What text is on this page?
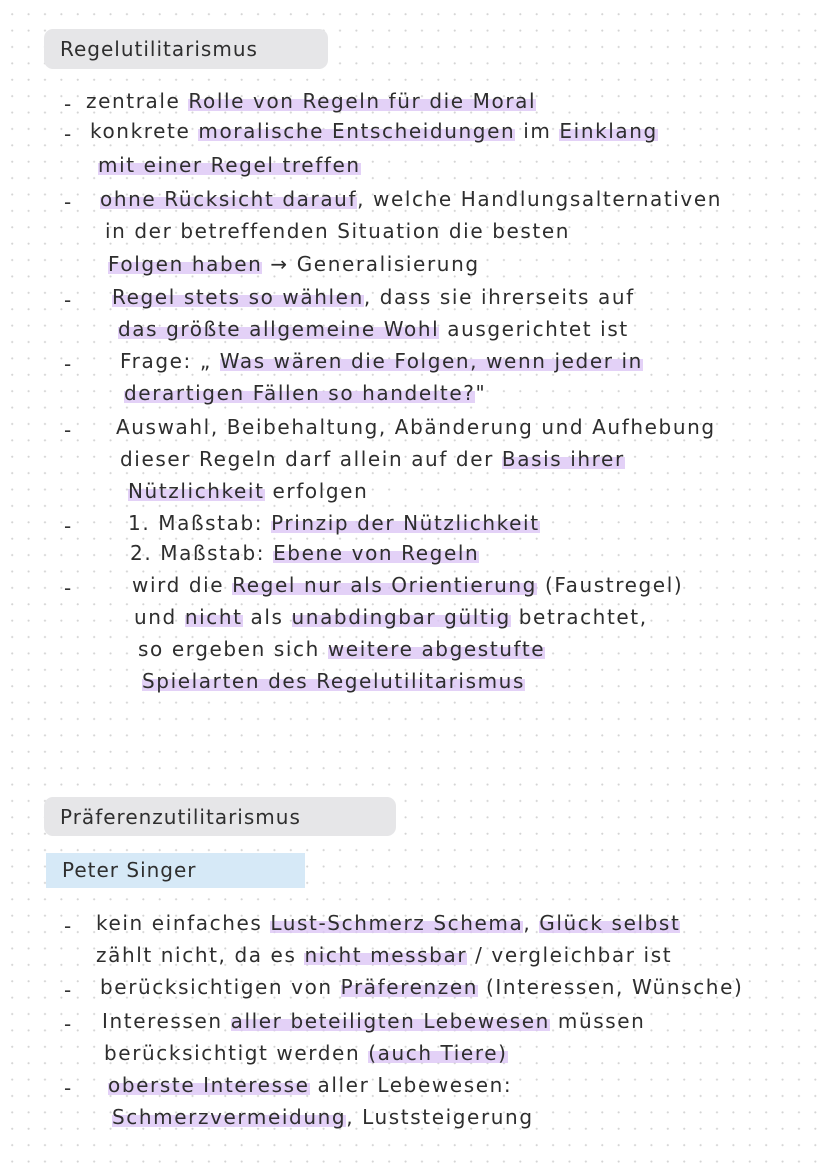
Regelutilitarismus
- zentrale Rolle von Regeln für die Moral
- konkrete moralische Entscheidungen im Einklang
mit einer Regel treffen
- ohne Rücksicht darauf, welche Handlungsalternativen
in der betreffenden Situation die besten
Folgen haben → Generalisierung
- Regel stets so wählen, dass sie ihrerseits auf
das größte allgemeine Wohl ausgerichtet ist
- Frage: „ Was wären die Folgen, wenn jeder in
derartigen Fällen so handelte?"
- Auswahl, Beibehaltung, Abänderung und Aufhebung
dieser Regeln darf allein auf der Basis ihrer
Nützlichkeit erfolgen
-	1. Maßstab: Prinzip der Nützlichkeit
2. Maßstab: Ebene von Regeln
-	wird die Regel nur als Orientierung (Faustregel)
und nicht als unabdingbar gültig betrachtet,
so ergeben sich weitere abgestufte
Spielarten des Regelutilitarismus
Präferenzutilitarismus
Peter Singer
- kein einfaches Lust-Schmerz Schema, Glück selbst
zählt nicht, da es nicht messbar / vergleichbar ist
- berücksichtigen von Präferenzen (Interessen, Wünsche)
- Interessen aller beteiligten Lebewesen müssen
berücksichtigt werden (auch Tiere)
- oberste Interesse aller Lebewesen:
Schmerzvermeidung, Luststeigerung
